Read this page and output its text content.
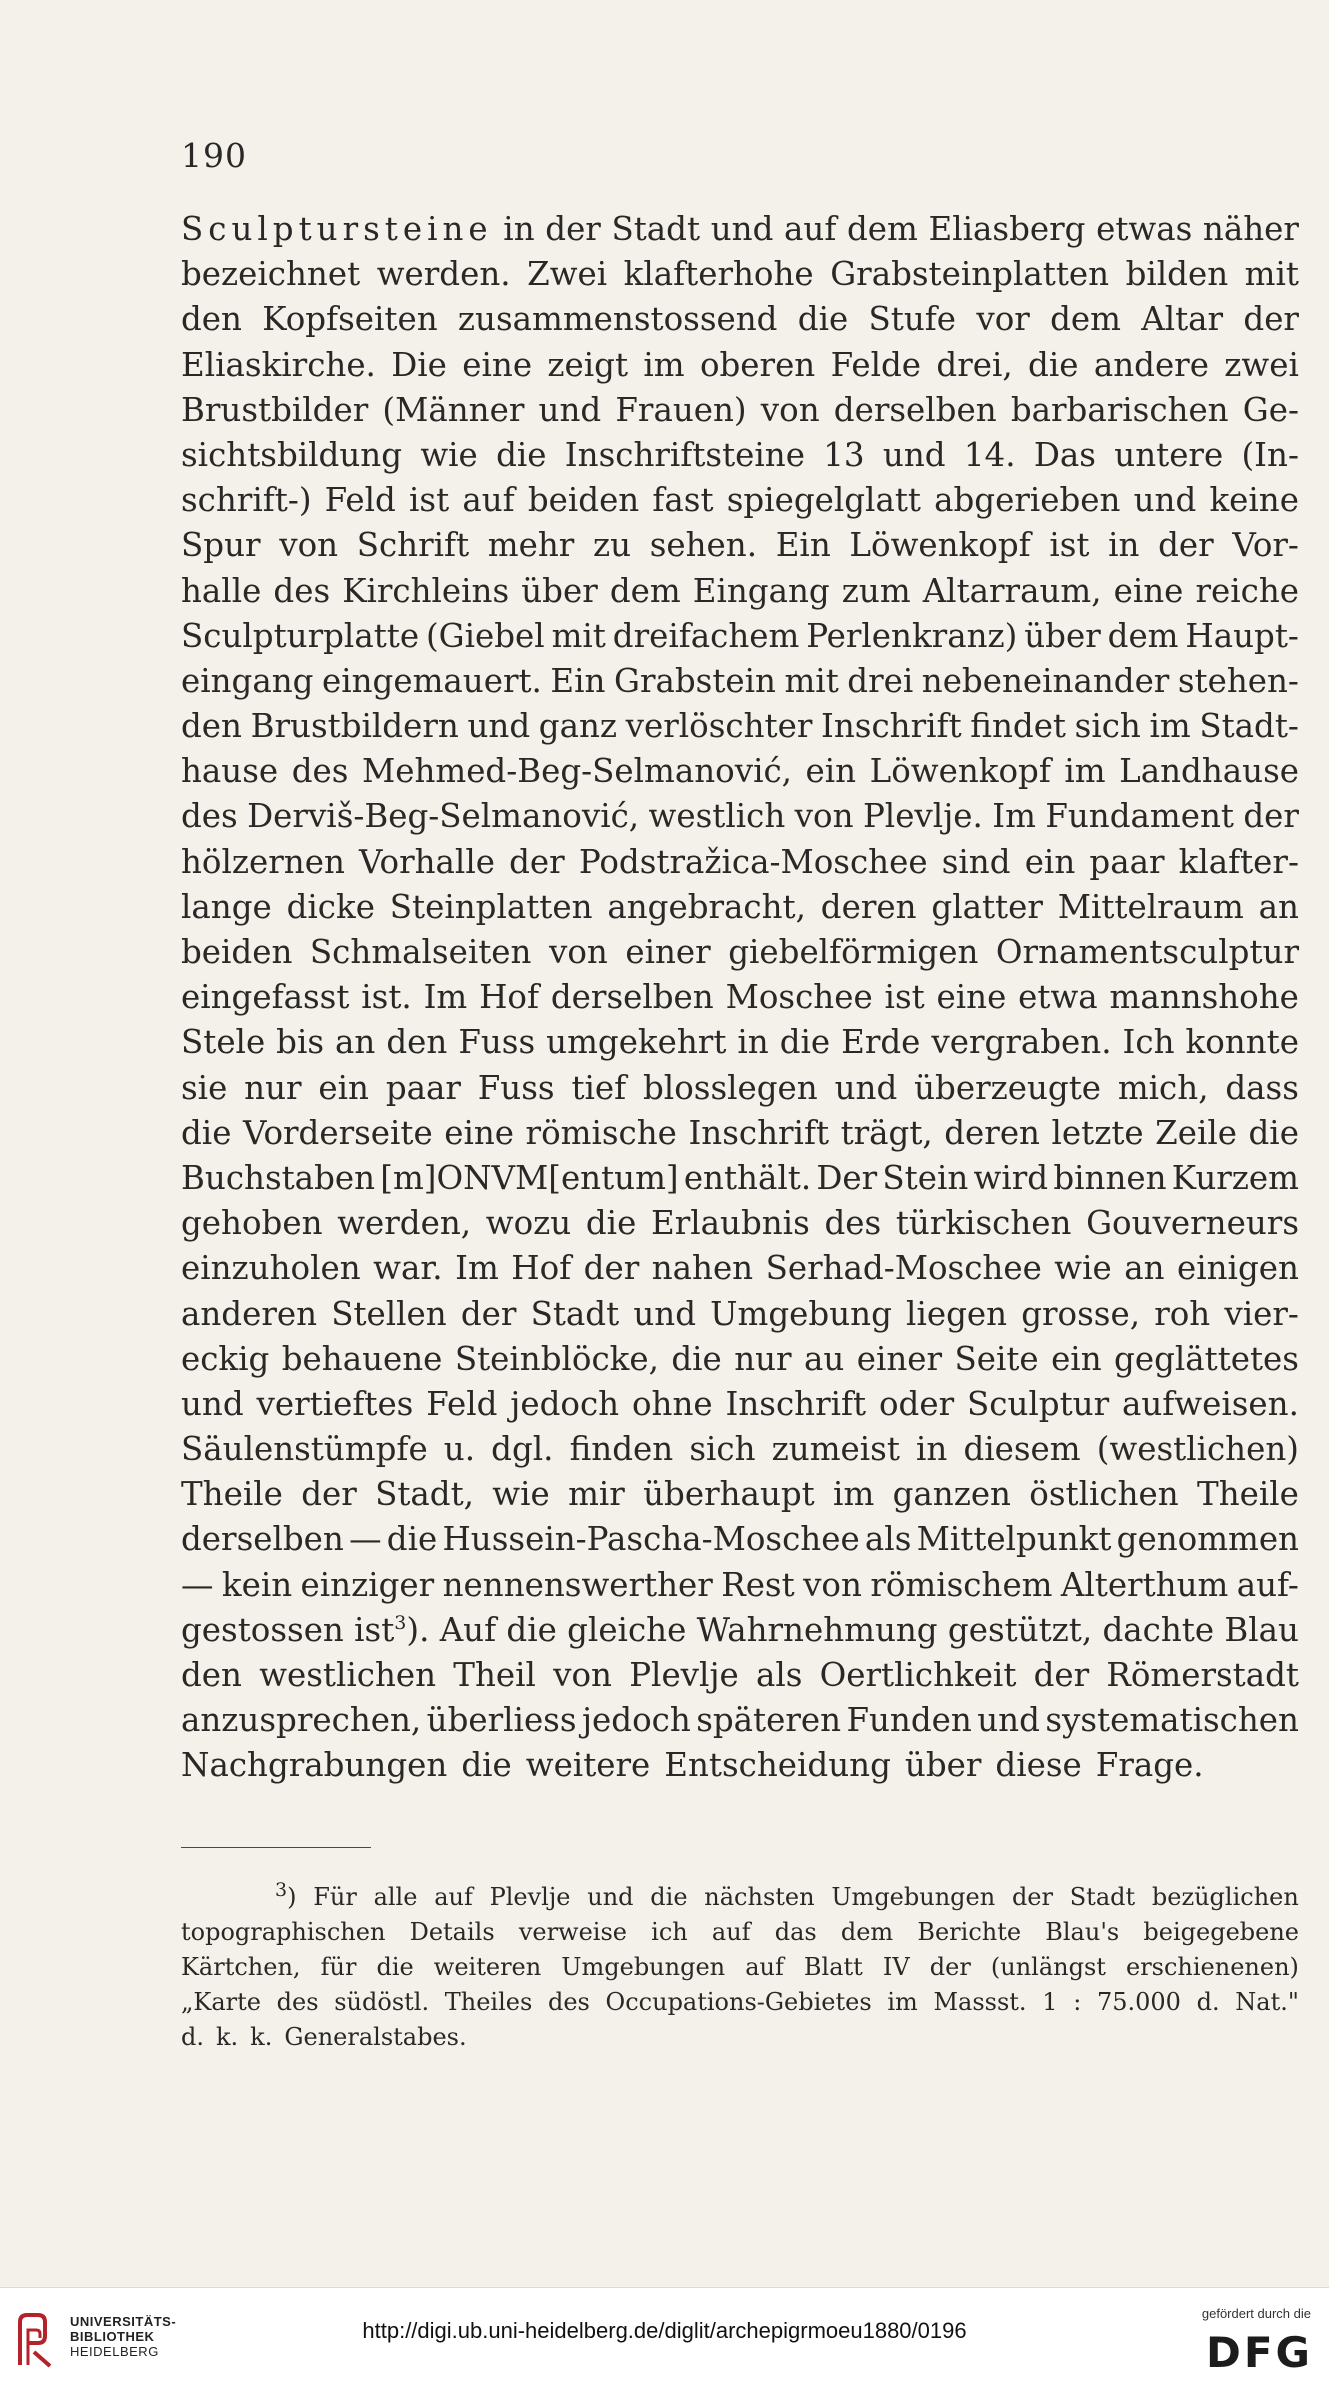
190
Sculptursteine in der Stadt und auf dem Eliasberg etwas näher
bezeichnet werden. Zwei klafterhohe Grabsteinplatten bilden mit
den Kopfseiten zusammenstossend die Stufe vor dem Altar der
Eliaskirche. Die eine zeigt im oberen Felde drei, die andere zwei
Brustbilder (Männer und Frauen) von derselben barbarischen Ge-
sichtsbildung wie die Inschriftsteine 13 und 14. Das untere (In-
schrift-) Feld ist auf beiden fast spiegelglatt abgerieben und keine
Spur von Schrift mehr zu sehen. Ein Löwenkopf ist in der Vor-
halle des Kirchleins über dem Eingang zum Altarraum, eine reiche
Sculpturplatte (Giebel mit dreifachem Perlenkranz) über dem Haupt-
eingang eingemauert. Ein Grabstein mit drei nebeneinander stehen-
den Brustbildern und ganz verlöschter Inschrift findet sich im Stadt-
hause des Mehmed-Beg-Selmanović, ein Löwenkopf im Landhause
des Derviš-Beg-Selmanović, westlich von Plevlje. Im Fundament der
hölzernen Vorhalle der Podstražica-Moschee sind ein paar klafter-
lange dicke Steinplatten angebracht, deren glatter Mittelraum an
beiden Schmalseiten von einer giebelförmigen Ornamentsculptur
eingefasst ist. Im Hof derselben Moschee ist eine etwa mannshohe
Stele bis an den Fuss umgekehrt in die Erde vergraben. Ich konnte
sie nur ein paar Fuss tief blosslegen und überzeugte mich, dass
die Vorderseite eine römische Inschrift trägt, deren letzte Zeile die
Buchstaben [m]ONVM[entum] enthält. Der Stein wird binnen Kurzem
gehoben werden, wozu die Erlaubnis des türkischen Gouverneurs
einzuholen war. Im Hof der nahen Serhad-Moschee wie an einigen
anderen Stellen der Stadt und Umgebung liegen grosse, roh vier-
eckig behauene Steinblöcke, die nur au einer Seite ein geglättetes
und vertieftes Feld jedoch ohne Inschrift oder Sculptur aufweisen.
Säulenstümpfe u. dgl. finden sich zumeist in diesem (westlichen)
Theile der Stadt, wie mir überhaupt im ganzen östlichen Theile
derselben — die Hussein-Pascha-Moschee als Mittelpunkt genommen
— kein einziger nennenswerther Rest von römischem Alterthum auf-
gestossen ist$^3$). Auf die gleiche Wahrnehmung gestützt, dachte Blau
den westlichen Theil von Plevlje als Oertlichkeit der Römerstadt
anzusprechen, überliess jedoch späteren Funden und systematischen
Nachgrabungen die weitere Entscheidung über diese Frage.
$^3$) Für alle auf Plevlje und die nächsten Umgebungen der Stadt bezüglichen
topographischen Details verweise ich auf das dem Berichte Blau's beigegebene
Kärtchen, für die weiteren Umgebungen auf Blatt IV der (unlängst erschienenen)
„Karte des südöstl. Theiles des Occupations-Gebietes im Massst. 1 : 75.000 d. Nat."
d. k. k. Generalstabes.
UNIVERSITÄTS-
BIBLIOTHEK
HEIDELBERG
http://digi.ub.uni-heidelberg.de/diglit/archepigrmoeu1880/0196
gefördert durch die
DFG
